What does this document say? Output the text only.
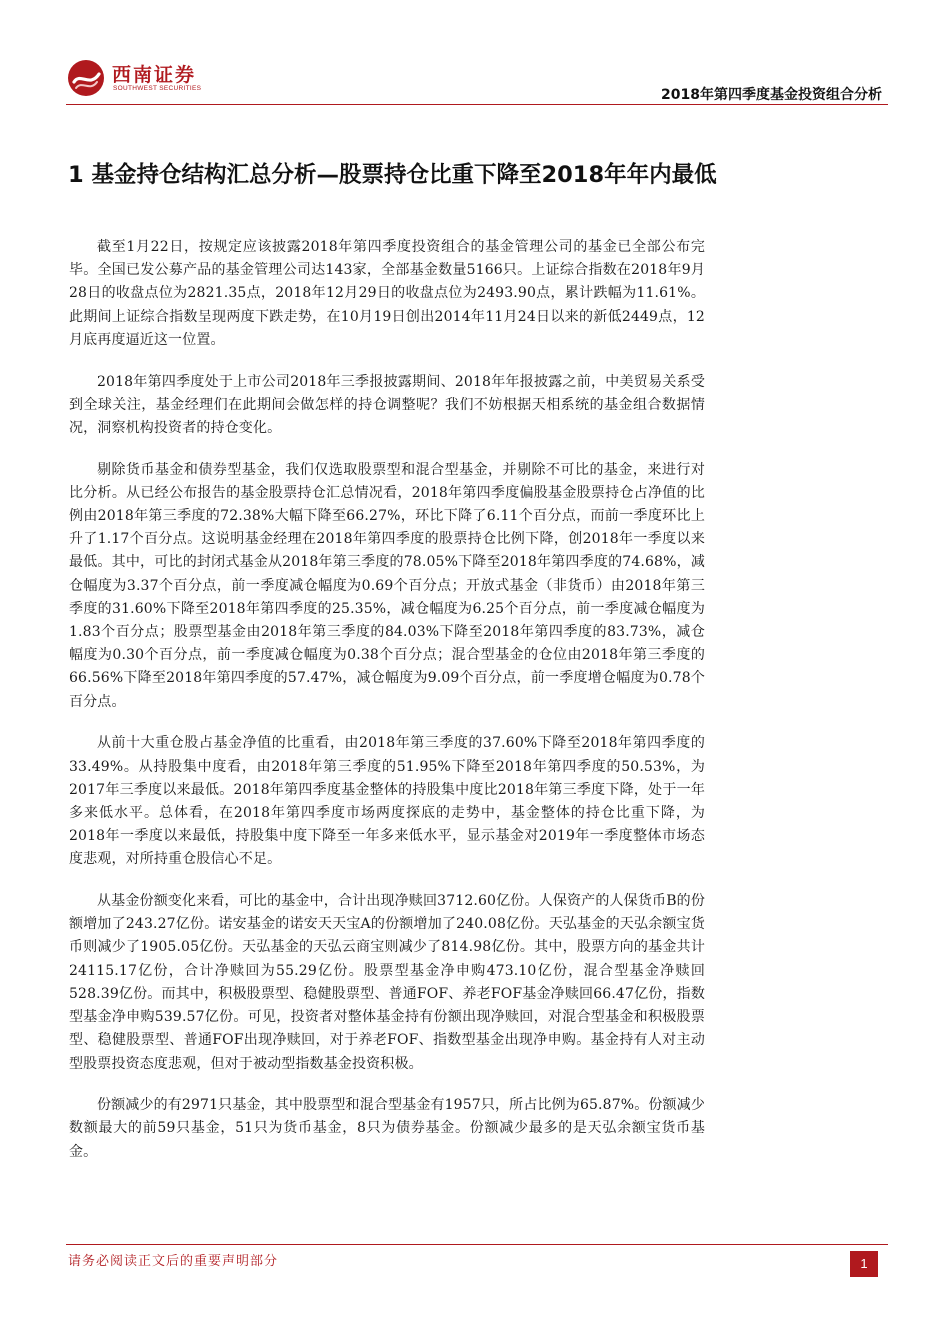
西南证券
SOUTHWEST SECURITIES	2018年第四季度基金投资组合分析
1 基金持仓结构汇总分析—股票持仓比重下降至2018年年内最低

截至1月22日，按规定应该披露2018年第四季度投资组合的基金管理公司的基金已全部公布完毕。全国已发公募产品的基金管理公司达143家，全部基金数量5166只。上证综合指数在2018年9月28日的收盘点位为2821.35点，2018年12月29日的收盘点位为2493.90点，累计跌幅为11.61%。此期间上证综合指数呈现两度下跌走势，在10月19日创出2014年11月24日以来的新低2449点，12月底再度逼近这一位置。

2018年第四季度处于上市公司2018年三季报披露期间、2018年年报披露之前，中美贸易关系受到全球关注，基金经理们在此期间会做怎样的持仓调整呢？我们不妨根据天相系统的基金组合数据情况，洞察机构投资者的持仓变化。

剔除货币基金和债券型基金，我们仅选取股票型和混合型基金，并剔除不可比的基金，来进行对比分析。从已经公布报告的基金股票持仓汇总情况看，2018年第四季度偏股基金股票持仓占净值的比例由2018年第三季度的72.38%大幅下降至66.27%，环比下降了6.11个百分点，而前一季度环比上升了1.17个百分点。这说明基金经理在2018年第四季度的股票持仓比例下降，创2018年一季度以来最低。其中，可比的封闭式基金从2018年第三季度的78.05%下降至2018年第四季度的74.68%，减仓幅度为3.37个百分点，前一季度减仓幅度为0.69个百分点；开放式基金（非货币）由2018年第三季度的31.60%下降至2018年第四季度的25.35%，减仓幅度为6.25个百分点，前一季度减仓幅度为1.83个百分点；股票型基金由2018年第三季度的84.03%下降至2018年第四季度的83.73%，减仓幅度为0.30个百分点，前一季度减仓幅度为0.38个百分点；混合型基金的仓位由2018年第三季度的66.56%下降至2018年第四季度的57.47%，减仓幅度为9.09个百分点，前一季度增仓幅度为0.78个百分点。

从前十大重仓股占基金净值的比重看，由2018年第三季度的37.60%下降至2018年第四季度的33.49%。从持股集中度看，由2018年第三季度的51.95%下降至2018年第四季度的50.53%，为2017年三季度以来最低。2018年第四季度基金整体的持股集中度比2018年第三季度下降，处于一年多来低水平。总体看，在2018年第四季度市场两度探底的走势中，基金整体的持仓比重下降，为2018年一季度以来最低，持股集中度下降至一年多来低水平，显示基金对2019年一季度整体市场态度悲观，对所持重仓股信心不足。

从基金份额变化来看，可比的基金中，合计出现净赎回3712.60亿份。人保资产的人保货币B的份额增加了243.27亿份。诺安基金的诺安天天宝A的份额增加了240.08亿份。天弘基金的天弘余额宝货币则减少了1905.05亿份。天弘基金的天弘云商宝则减少了814.98亿份。其中，股票方向的基金共计24115.17亿份，合计净赎回为55.29亿份。股票型基金净申购473.10亿份，混合型基金净赎回528.39亿份。而其中，积极股票型、稳健股票型、普通FOF、养老FOF基金净赎回66.47亿份，指数型基金净申购539.57亿份。可见，投资者对整体基金持有份额出现净赎回，对混合型基金和积极股票型、稳健股票型、普通FOF出现净赎回，对于养老FOF、指数型基金出现净申购。基金持有人对主动型股票投资态度悲观，但对于被动型指数基金投资积极。

份额减少的有2971只基金，其中股票型和混合型基金有1957只，所占比例为65.87%。份额减少数额最大的前59只基金，51只为货币基金，8只为债券基金。份额减少最多的是天弘余额宝货币基金。

请务必阅读正文后的重要声明部分	1
